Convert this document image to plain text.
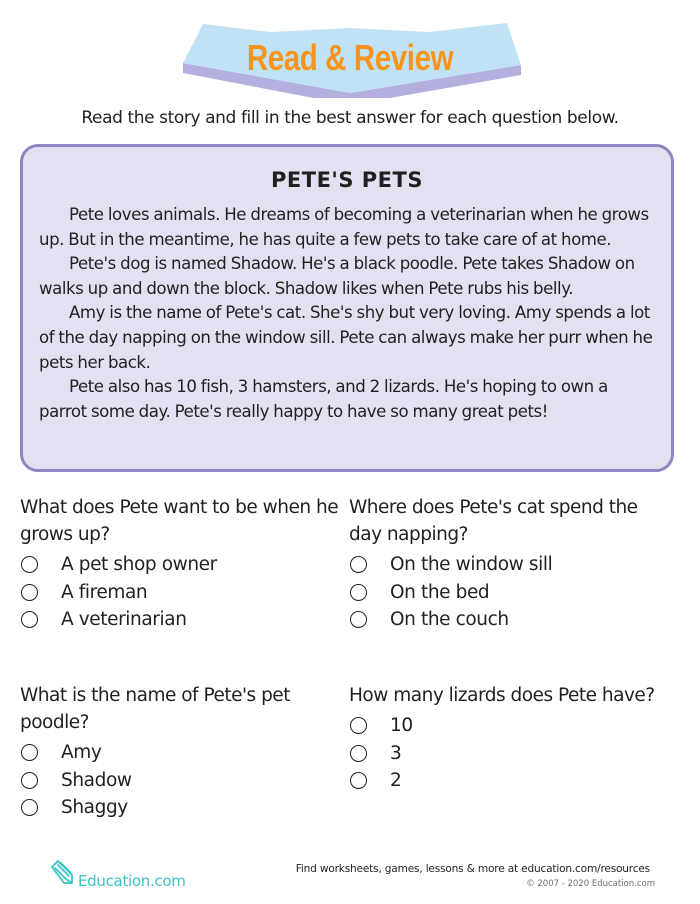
Read & Review
Read the story and fill in the best answer for each question below.
PETE'S PETS

Pete loves animals. He dreams of becoming a veterinarian when he grows up. But in the meantime, he has quite a few pets to take care of at home.

Pete's dog is named Shadow. He's a black poodle. Pete takes Shadow on walks up and down the block. Shadow likes when Pete rubs his belly.

Amy is the name of Pete's cat. She's shy but very loving. Amy spends a lot of the day napping on the window sill. Pete can always make her purr when he pets her back.

Pete also has 10 fish, 3 hamsters, and 2 lizards. He's hoping to own a parrot some day. Pete's really happy to have so many great pets!

What does Pete want to be when he grows up?

A pet shop owner
A fireman
A veterinarian

Where does Pete's cat spend the day napping?

On the window sill
On the bed
On the couch

What is the name of Pete's pet poodle?

Amy
Shadow
Shaggy

How many lizards does Pete have?

10
3
2
Education.com
Find worksheets, games, lessons & more at education.com/resources
© 2007 - 2020 Education.com
